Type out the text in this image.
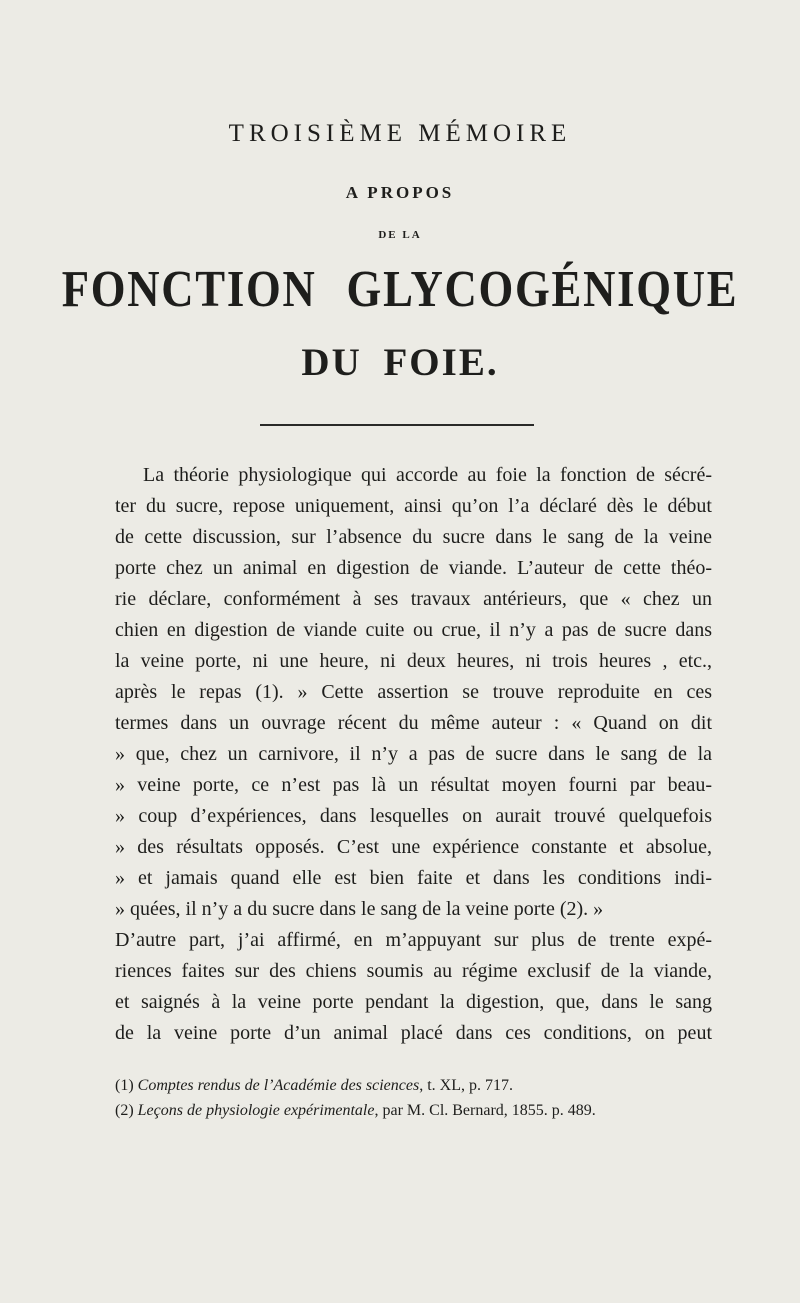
TROISIÈME MÉMOIRE
A PROPOS
DE LA
FONCTION GLYCOGÉNIQUE
DU FOIE.
La théorie physiologique qui accorde au foie la fonction de sécré-
ter du sucre, repose uniquement, ainsi qu’on l’a déclaré dès le début
de cette discussion, sur l’absence du sucre dans le sang de la veine
porte chez un animal en digestion de viande. L’auteur de cette théo-
rie déclare, conformément à ses travaux antérieurs, que « chez un
chien en digestion de viande cuite ou crue, il n’y a pas de sucre dans
la veine porte, ni une heure, ni deux heures, ni trois heures , etc.,
après le repas (1). » Cette assertion se trouve reproduite en ces
termes dans un ouvrage récent du même auteur : « Quand on dit
» que, chez un carnivore, il n’y a pas de sucre dans le sang de la
» veine porte, ce n’est pas là un résultat moyen fourni par beau-
» coup d’expériences, dans lesquelles on aurait trouvé quelquefois
» des résultats opposés. C’est une expérience constante et absolue,
» et jamais quand elle est bien faite et dans les conditions indi-
» quées, il n’y a du sucre dans le sang de la veine porte (2). »
D’autre part, j’ai affirmé, en m’appuyant sur plus de trente expé-
riences faites sur des chiens soumis au régime exclusif de la viande,
et saignés à la veine porte pendant la digestion, que, dans le sang
de la veine porte d’un animal placé dans ces conditions, on peut
(1) Comptes rendus de l’Académie des sciences, t. XL, p. 717.
(2) Leçons de physiologie expérimentale, par M. Cl. Bernard, 1855. p. 489.
